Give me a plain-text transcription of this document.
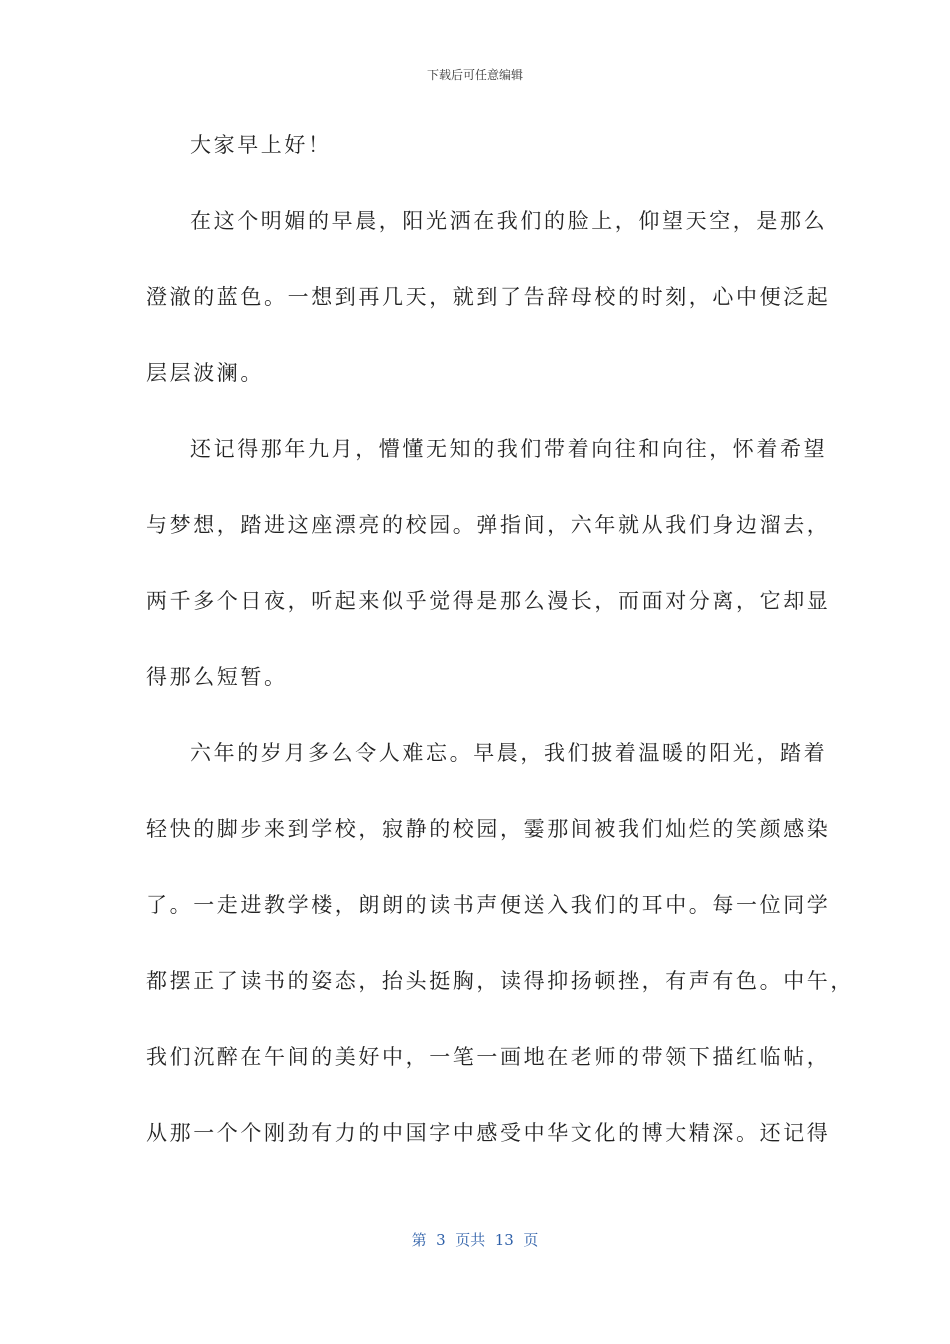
下载后可任意编辑
大家早上好！
在这个明媚的早晨，阳光洒在我们的脸上，仰望天空，是那么
澄澈的蓝色。一想到再几天，就到了告辞母校的时刻，心中便泛起
层层波澜。
还记得那年九月，懵懂无知的我们带着向往和向往，怀着希望
与梦想，踏进这座漂亮的校园。弹指间，六年就从我们身边溜去，
两千多个日夜，听起来似乎觉得是那么漫长，而面对分离，它却显
得那么短暂。
六年的岁月多么令人难忘。早晨，我们披着温暖的阳光，踏着
轻快的脚步来到学校，寂静的校园，霎那间被我们灿烂的笑颜感染
了。一走进教学楼，朗朗的读书声便送入我们的耳中。每一位同学
都摆正了读书的姿态，抬头挺胸，读得抑扬顿挫，有声有色。中午，
我们沉醉在午间的美好中，一笔一画地在老师的带领下描红临帖，
从那一个个刚劲有力的中国字中感受中华文化的博大精深。还记得
第  3  页共  13  页
